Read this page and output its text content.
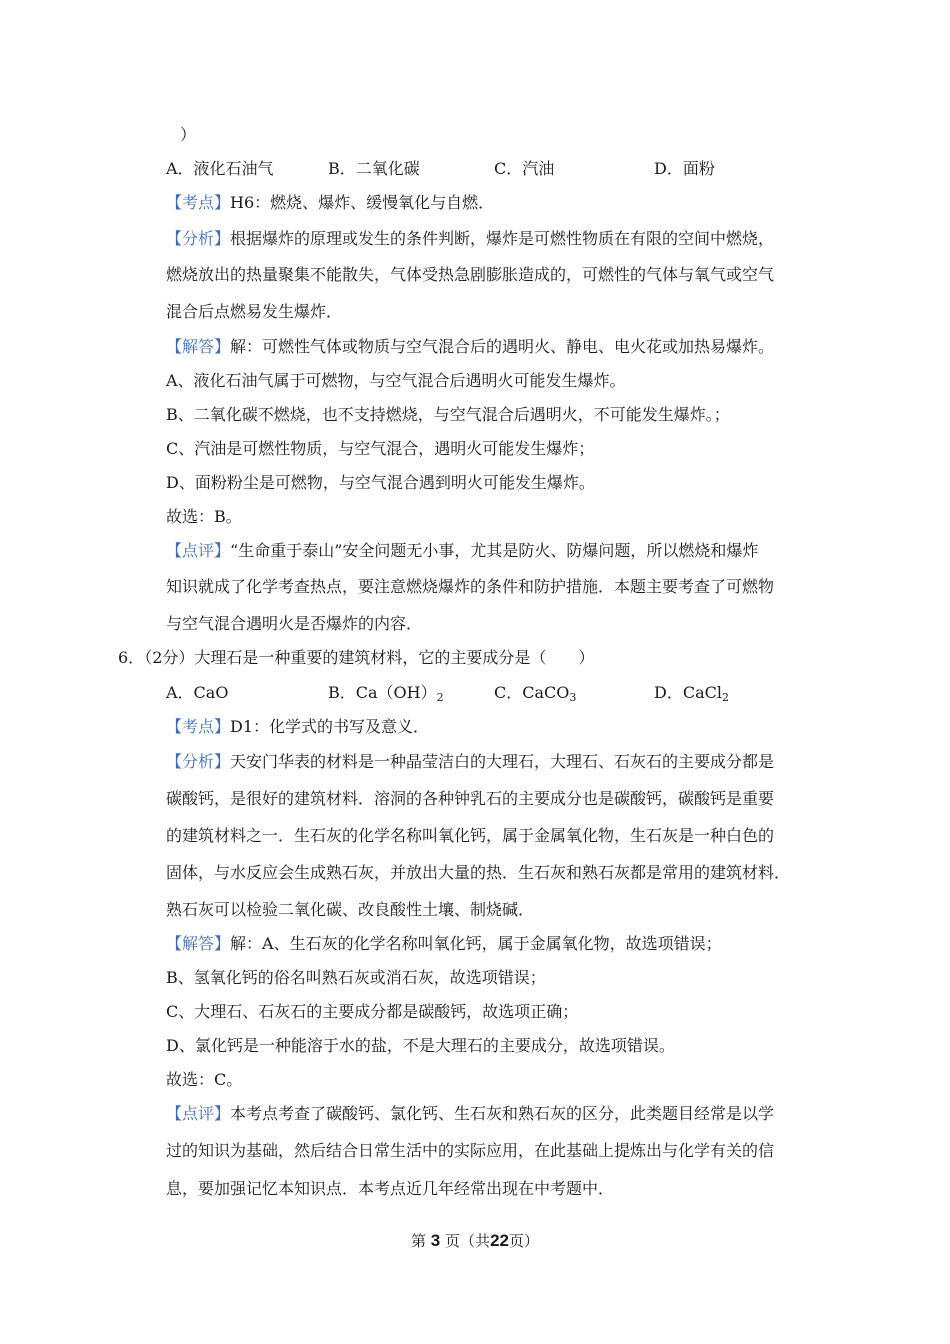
）
A．液化石油气	B．二氧化碳	C．汽油	D．面粉
【考点】H6：燃烧、爆炸、缓慢氧化与自燃．
【分析】根据爆炸的原理或发生的条件判断，爆炸是可燃性物质在有限的空间中燃烧，
燃烧放出的热量聚集不能散失，气体受热急剧膨胀造成的，可燃性的气体与氧气或空气
混合后点燃易发生爆炸．
【解答】解：可燃性气体或物质与空气混合后的遇明火、静电、电火花或加热易爆炸。
A、液化石油气属于可燃物，与空气混合后遇明火可能发生爆炸。
B、二氧化碳不燃烧，也不支持燃烧，与空气混合后遇明火，不可能发生爆炸。；
C、汽油是可燃性物质，与空气混合，遇明火可能发生爆炸；
D、面粉粉尘是可燃物，与空气混合遇到明火可能发生爆炸。
故选：B。
【点评】“生命重于泰山”安全问题无小事，尤其是防火、防爆问题，所以燃烧和爆炸
知识就成了化学考查热点，要注意燃烧爆炸的条件和防护措施．本题主要考查了可燃物
与空气混合遇明火是否爆炸的内容．
6．（2分）大理石是一种重要的建筑材料，它的主要成分是（　　）
A．CaO	B．$Ca(OH)_2$	C．CaCO$_3$	D．CaCl$_2$
【考点】D1：化学式的书写及意义．
【分析】天安门华表的材料是一种晶莹洁白的大理石，大理石、石灰石的主要成分都是
碳酸钙，是很好的建筑材料．溶洞的各种钟乳石的主要成分也是碳酸钙，碳酸钙是重要
的建筑材料之一．生石灰的化学名称叫氧化钙，属于金属氧化物，生石灰是一种白色的
固体，与水反应会生成熟石灰，并放出大量的热．生石灰和熟石灰都是常用的建筑材料．
熟石灰可以检验二氧化碳、改良酸性土壤、制烧碱．
【解答】解：A、生石灰的化学名称叫氧化钙，属于金属氧化物，故选项错误；
B、氢氧化钙的俗名叫熟石灰或消石灰，故选项错误；
C、大理石、石灰石的主要成分都是碳酸钙，故选项正确；
D、氯化钙是一种能溶于水的盐，不是大理石的主要成分，故选项错误。
故选：C。
【点评】本考点考查了碳酸钙、氯化钙、生石灰和熟石灰的区分，此类题目经常是以学
过的知识为基础，然后结合日常生活中的实际应用，在此基础上提炼出与化学有关的信
息，要加强记忆本知识点．本考点近几年经常出现在中考题中．
第 3 页（共22页）
